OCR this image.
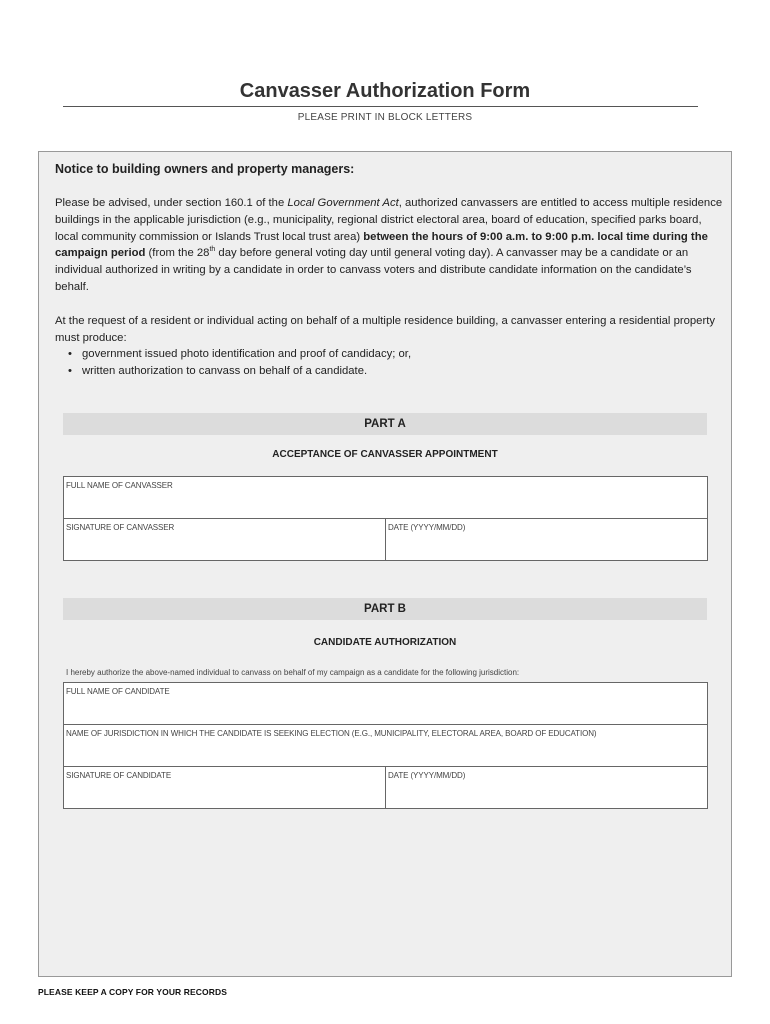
Canvasser Authorization Form
PLEASE PRINT IN BLOCK LETTERS
Notice to building owners and property managers:

Please be advised, under section 160.1 of the Local Government Act, authorized canvassers are entitled to access multiple residence buildings in the applicable jurisdiction (e.g., municipality, regional district electoral area, board of education, specified parks board, local community commission or Islands Trust local trust area) between the hours of 9:00 a.m. to 9:00 p.m. local time during the campaign period (from the 28th day before general voting day until general voting day). A canvasser may be a candidate or an individual authorized in writing by a candidate in order to canvass voters and distribute candidate information on the candidate’s behalf.

At the request of a resident or individual acting on behalf of a multiple residence building, a canvasser entering a residential property must produce:

• government issued photo identification and proof of candidacy; or,
• written authorization to canvass on behalf of a candidate.
PART A
ACCEPTANCE OF CANVASSER APPOINTMENT
FULL NAME OF CANVASSER
SIGNATURE OF CANVASSER	DATE (YYYY/MM/DD)
PART B
CANDIDATE AUTHORIZATION
I hereby authorize the above-named individual to canvass on behalf of my campaign as a candidate for the following jurisdiction:
FULL NAME OF CANDIDATE
NAME OF JURISDICTION IN WHICH THE CANDIDATE IS SEEKING ELECTION (E.G., MUNICIPALITY, ELECTORAL AREA, BOARD OF EDUCATION)
SIGNATURE OF CANDIDATE	DATE (YYYY/MM/DD)
PLEASE KEEP A COPY FOR YOUR RECORDS
